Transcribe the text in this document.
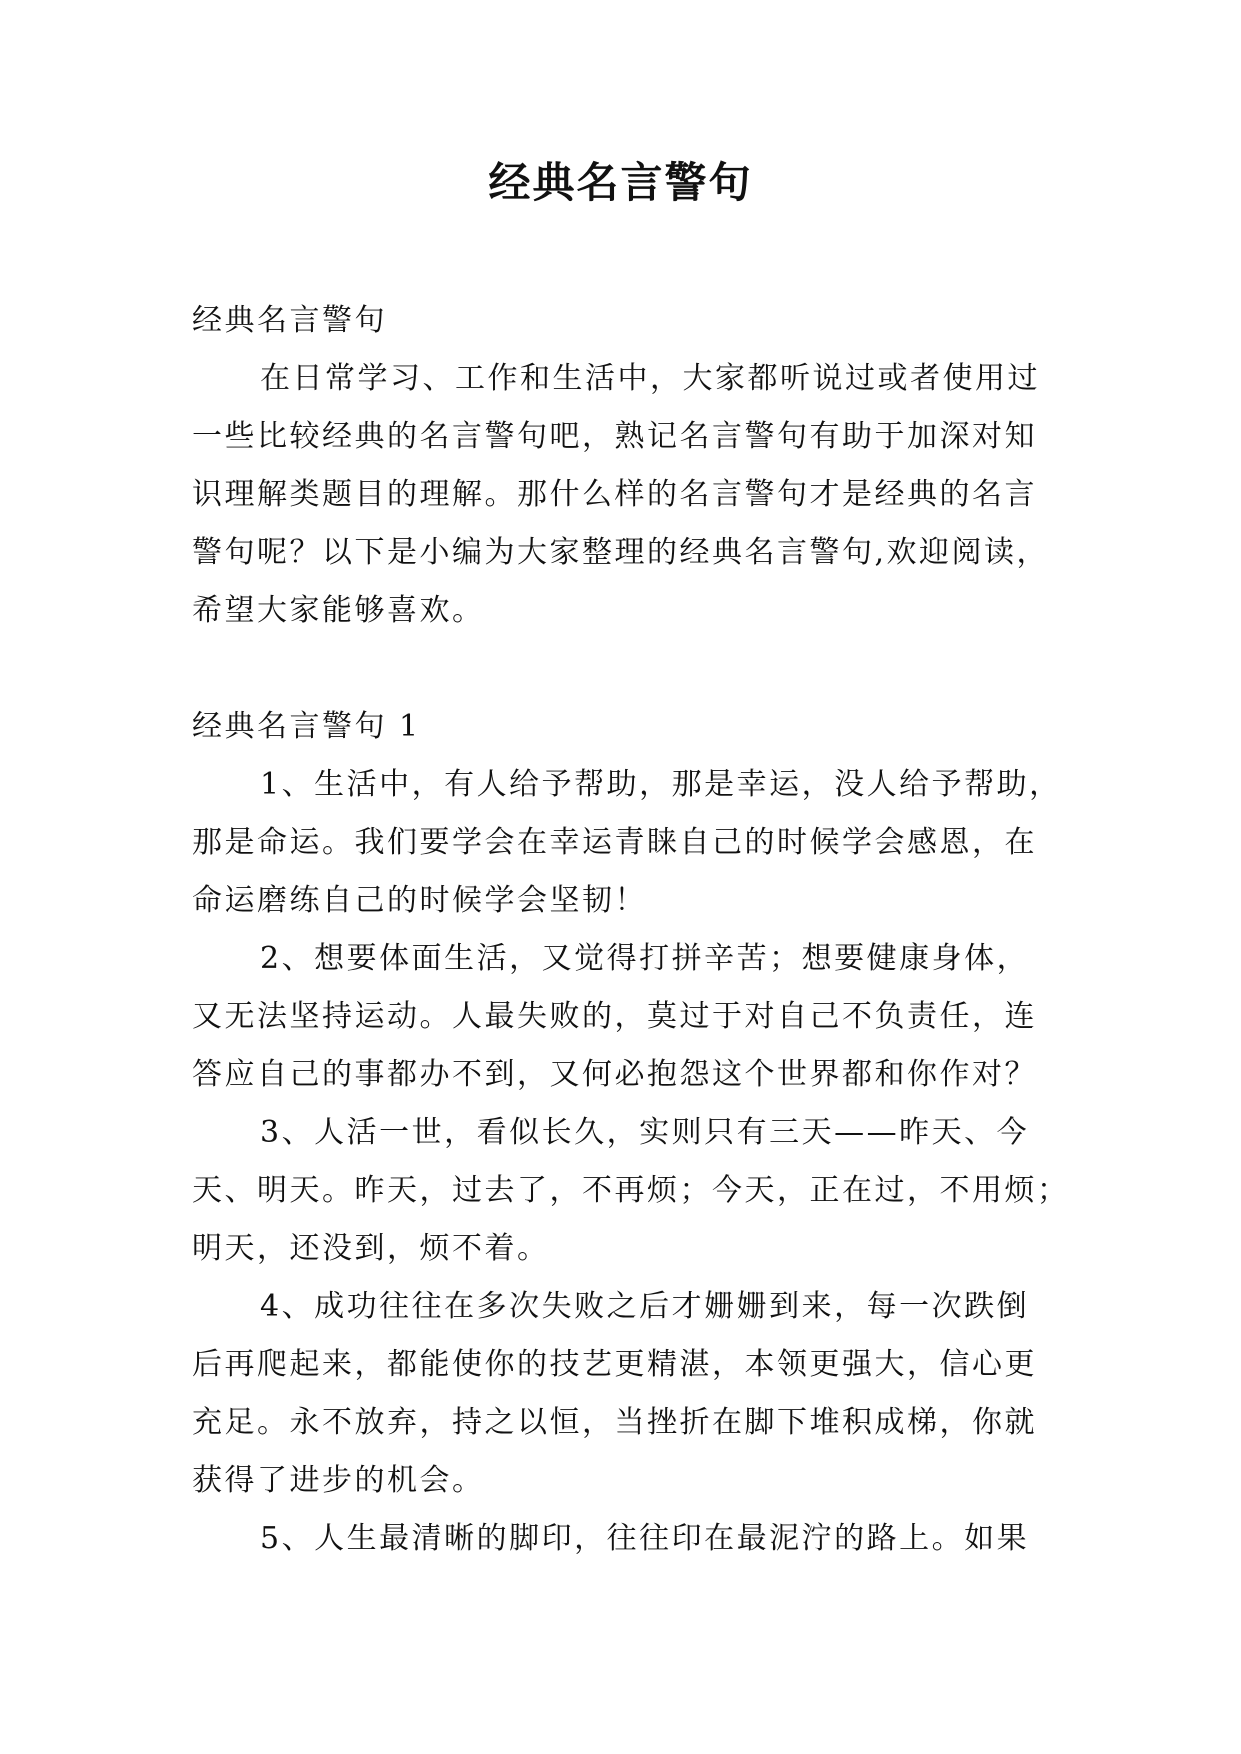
经典名言警句
经典名言警句
在日常学习、工作和生活中，大家都听说过或者使用过
一些比较经典的名言警句吧，熟记名言警句有助于加深对知
识理解类题目的理解。那什么样的名言警句才是经典的名言
警句呢？以下是小编为大家整理的经典名言警句,欢迎阅读，
希望大家能够喜欢。
经典名言警句 1
1、生活中，有人给予帮助，那是幸运，没人给予帮助，
那是命运。我们要学会在幸运青睐自己的时候学会感恩，在
命运磨练自己的时候学会坚韧！
2、想要体面生活，又觉得打拼辛苦；想要健康身体，
又无法坚持运动。人最失败的，莫过于对自己不负责任，连
答应自己的事都办不到，又何必抱怨这个世界都和你作对？
3、人活一世，看似长久，实则只有三天——昨天、今
天、明天。昨天，过去了，不再烦；今天，正在过，不用烦；
明天，还没到，烦不着。
4、成功往往在多次失败之后才姗姗到来，每一次跌倒
后再爬起来，都能使你的技艺更精湛，本领更强大，信心更
充足。永不放弃，持之以恒，当挫折在脚下堆积成梯，你就
获得了进步的机会。
5、人生最清晰的脚印，往往印在最泥泞的路上。如果
